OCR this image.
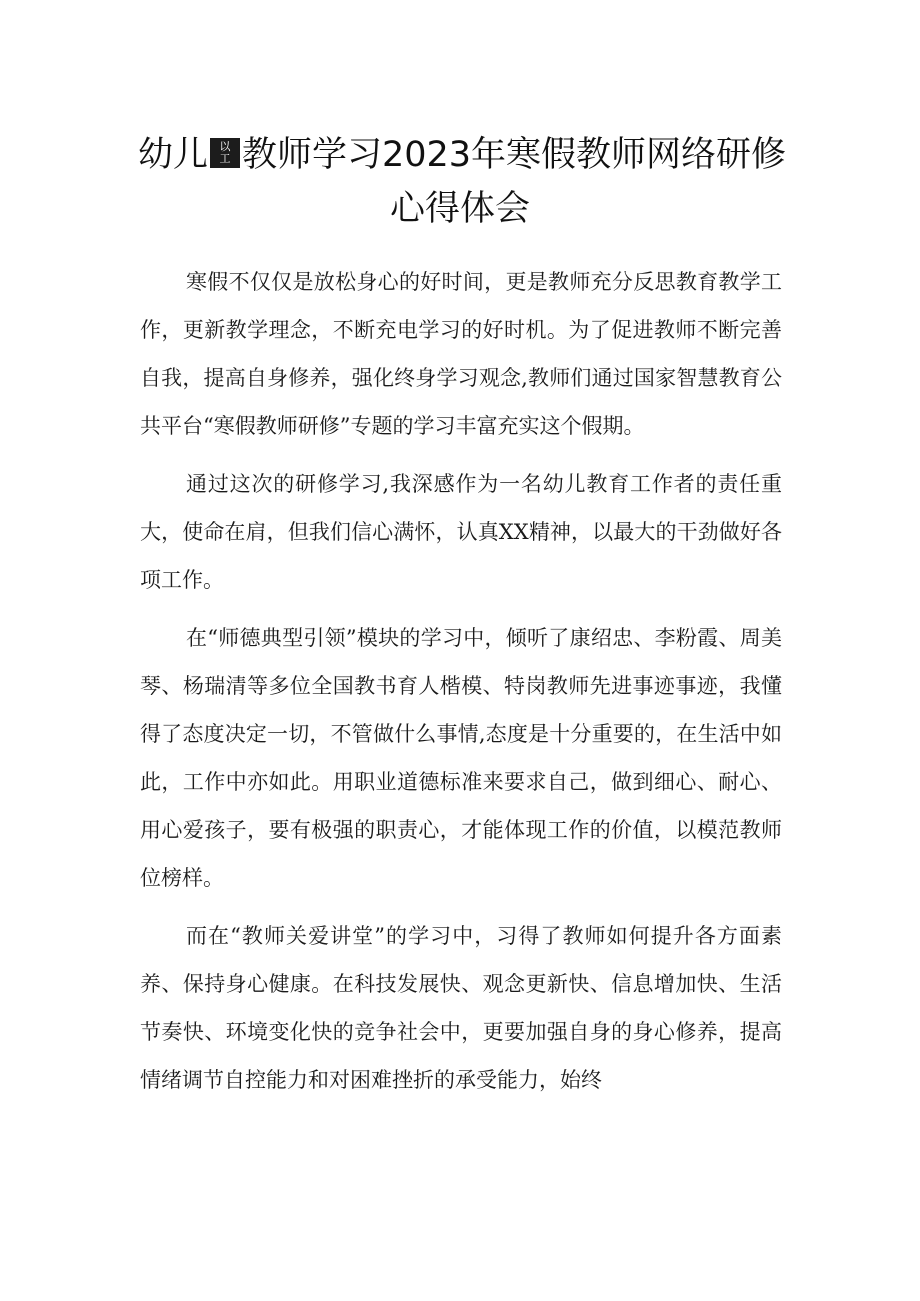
幼儿	以
工 教师学习2023年寒假教师网络研修
心得体会

寒假不仅仅是放松身心的好时间，更是教师充分反思教育教学工作，更新教学理念，不断充电学习的好时机。为了促进教师不断完善自我，提高自身修养，强化终身学习观念,教师们通过国家智慧教育公共平台“寒假教师研修”专题的学习丰富充实这个假期。

通过这次的研修学习,我深感作为一名幼儿教育工作者的责任重大，使命在肩，但我们信心满怀，认真XX精神，以最大的干劲做好各项工作。

在“师德典型引领”模块的学习中，倾听了康绍忠、李粉霞、周美琴、杨瑞清等多位全国教书育人楷模、特岗教师先进事迹事迹，我懂得了态度决定一切，不管做什么事情,态度是十分重要的，在生活中如此，工作中亦如此。用职业道德标准来要求自己，做到细心、耐心、用心爱孩子，要有极强的职责心，才能体现工作的价值，以模范教师位榜样。

而在“教师关爱讲堂”的学习中，习得了教师如何提升各方面素养、保持身心健康。在科技发展快、观念更新快、信息增加快、生活节奏快、环境变化快的竞争社会中，更要加强自身的身心修养，提高情绪调节自控能力和对困难挫折的承受能力，始终
